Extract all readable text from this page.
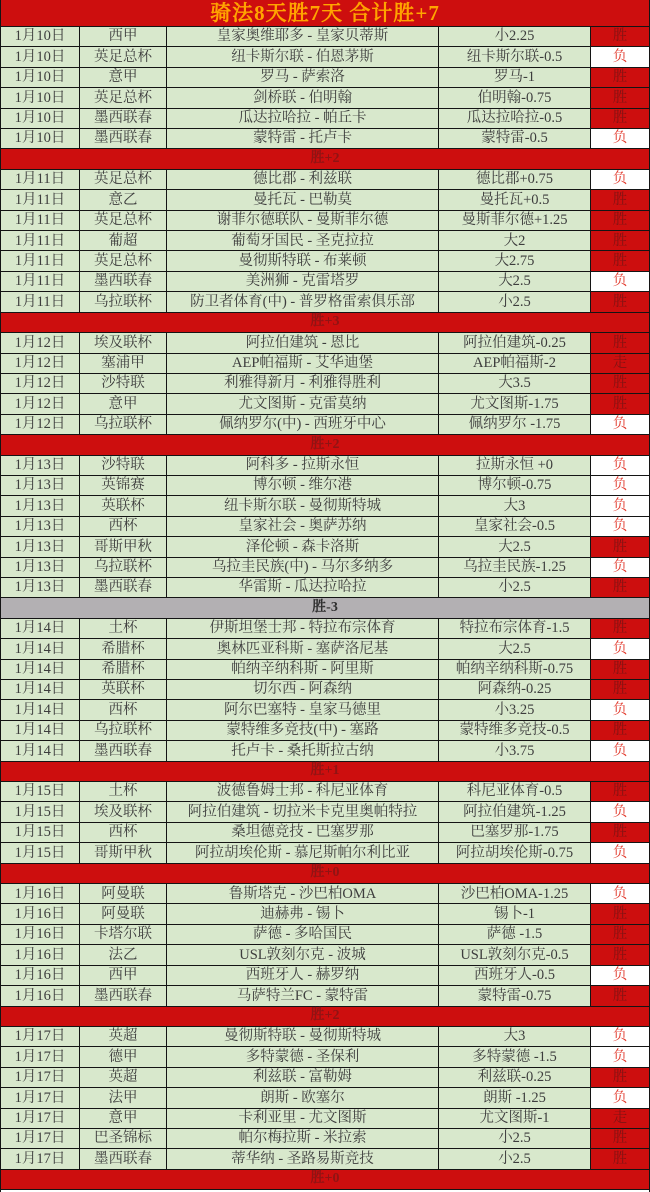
骑法8天胜7天 合计胜+7
1月10日	西甲	皇家奥维耶多 - 皇家贝蒂斯	小2.25	胜
1月10日	英足总杯	纽卡斯尔联 - 伯恩茅斯	纽卡斯尔联-0.5	负
1月10日	意甲	罗马 - 萨索洛	罗马-1	胜
1月10日	英足总杯	剑桥联 - 伯明翰	伯明翰-0.75	胜
1月10日	墨西联春	瓜达拉哈拉 - 帕丘卡	瓜达拉哈拉-0.5	胜
1月10日	墨西联春	蒙特雷 - 托卢卡	蒙特雷-0.5	负
胜+2
1月11日	英足总杯	德比郡 - 利兹联	德比郡+0.75	负
1月11日	意乙	曼托瓦 - 巴勒莫	曼托瓦+0.5	胜
1月11日	英足总杯	谢菲尔德联队 - 曼斯菲尔德	曼斯菲尔德+1.25	胜
1月11日	葡超	葡萄牙国民 - 圣克拉拉	大2	胜
1月11日	英足总杯	曼彻斯特联 - 布莱顿	大2.75	胜
1月11日	墨西联春	美洲狮 - 克雷塔罗	大2.5	负
1月11日	乌拉联杯	防卫者体育(中) - 普罗格雷索俱乐部	小2.5	胜
胜+3
1月12日	埃及联杯	阿拉伯建筑 - 恩比	阿拉伯建筑-0.25	胜
1月12日	塞浦甲	AEP帕福斯 - 艾华迪堡	AEP帕福斯-2	走
1月12日	沙特联	利雅得新月 - 利雅得胜利	大3.5	胜
1月12日	意甲	尤文图斯 - 克雷莫纳	尤文图斯-1.75	胜
1月12日	乌拉联杯	佩纳罗尔(中) - 西班牙中心	佩纳罗尔 -1.75	负
胜+2
1月13日	沙特联	阿科多 - 拉斯永恒	拉斯永恒 +0	负
1月13日	英锦赛	博尔顿 - 维尔港	博尔顿-0.75	负
1月13日	英联杯	纽卡斯尔联 - 曼彻斯特城	大3	负
1月13日	西杯	皇家社会 - 奥萨苏纳	皇家社会-0.5	负
1月13日	哥斯甲秋	泽伦顿 - 森卡洛斯	大2.5	胜
1月13日	乌拉联杯	乌拉圭民族(中) - 马尔多纳多	乌拉圭民族-1.25	负
1月13日	墨西联春	华雷斯 - 瓜达拉哈拉	小2.5	胜
胜-3
1月14日	土杯	伊斯坦堡士邦 - 特拉布宗体育	特拉布宗体育-1.5	胜
1月14日	希腊杯	奥林匹亚科斯 - 塞萨洛尼基	大2.5	负
1月14日	希腊杯	帕纳辛纳科斯 - 阿里斯	帕纳辛纳科斯-0.75	胜
1月14日	英联杯	切尔西 - 阿森纳	阿森纳-0.25	胜
1月14日	西杯	阿尔巴塞特 - 皇家马德里	小3.25	负
1月14日	乌拉联杯	蒙特维多竞技(中) - 塞路	蒙特维多竞技-0.5	胜
1月14日	墨西联春	托卢卡 - 桑托斯拉古纳	小3.75	负
胜+1
1月15日	土杯	波德鲁姆士邦 - 科尼亚体育	科尼亚体育-0.5	胜
1月15日	埃及联杯	阿拉伯建筑 - 切拉米卡克里奥帕特拉	阿拉伯建筑-1.25	负
1月15日	西杯	桑坦德竞技 - 巴塞罗那	巴塞罗那-1.75	胜
1月15日	哥斯甲秋	阿拉胡埃伦斯 - 慕尼斯帕尔利比亚	阿拉胡埃伦斯-0.75	负
胜+0
1月16日	阿曼联	鲁斯塔克 - 沙巴柏OMA	沙巴柏OMA-1.25	负
1月16日	阿曼联	迪赫弗 - 锡卜	锡卜-1	胜
1月16日	卡塔尔联	萨德 - 多哈国民	萨德 -1.5	胜
1月16日	法乙	USL敦刻尔克 - 波城	USL敦刻尔克-0.5	胜
1月16日	西甲	西班牙人 - 赫罗纳	西班牙人-0.5	负
1月16日	墨西联春	马萨特兰FC - 蒙特雷	蒙特雷-0.75	胜
胜+2
1月17日	英超	曼彻斯特联 - 曼彻斯特城	大3	负
1月17日	德甲	多特蒙德 - 圣保利	多特蒙德 -1.5	负
1月17日	英超	利兹联 - 富勒姆	利兹联-0.25	胜
1月17日	法甲	朗斯 - 欧塞尔	朗斯 -1.25	负
1月17日	意甲	卡利亚里 - 尤文图斯	尤文图斯-1	走
1月17日	巴圣锦标	帕尔梅拉斯 - 米拉索	小2.5	胜
1月17日	墨西联春	蒂华纳 - 圣路易斯竞技	小2.5	胜
胜+0
